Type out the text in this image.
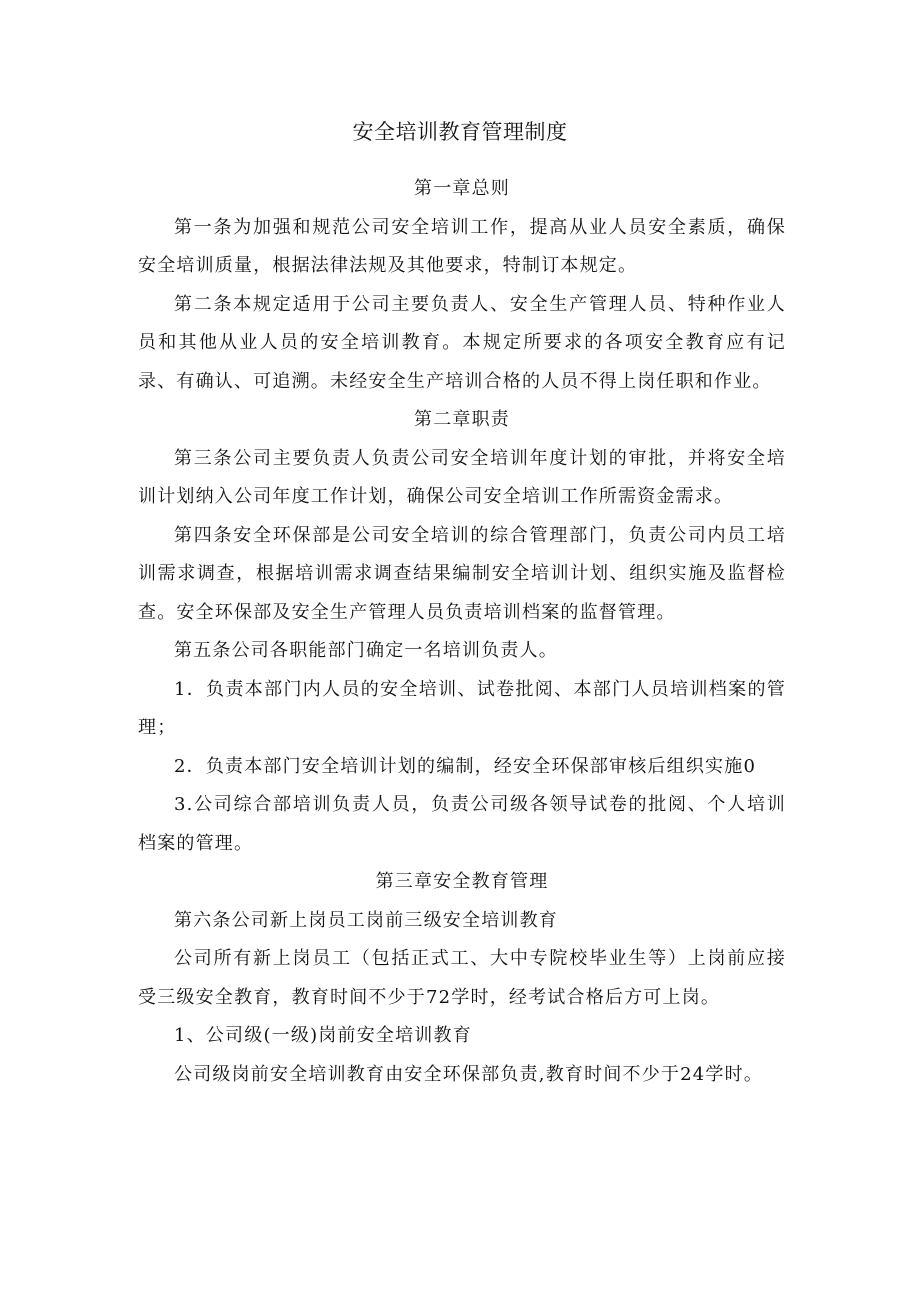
安全培训教育管理制度
第一章总则

第一条为加强和规范公司安全培训工作，提高从业人员安全素质，确保安全培训质量，根据法律法规及其他要求，特制订本规定。

第二条本规定适用于公司主要负责人、安全生产管理人员、特种作业人员和其他从业人员的安全培训教育。本规定所要求的各项安全教育应有记录、有确认、可追溯。未经安全生产培训合格的人员不得上岗任职和作业。

第二章职责

第三条公司主要负责人负责公司安全培训年度计划的审批，并将安全培训计划纳入公司年度工作计划，确保公司安全培训工作所需资金需求。

第四条安全环保部是公司安全培训的综合管理部门，负责公司内员工培训需求调查，根据培训需求调查结果编制安全培训计划、组织实施及监督检查。安全环保部及安全生产管理人员负责培训档案的监督管理。

第五条公司各职能部门确定一名培训负责人。

1．负责本部门内人员的安全培训、试卷批阅、本部门人员培训档案的管理；

2．负责本部门安全培训计划的编制，经安全环保部审核后组织实施0

3.公司综合部培训负责人员，负责公司级各领导试卷的批阅、个人培训档案的管理。

第三章安全教育管理

第六条公司新上岗员工岗前三级安全培训教育

公司所有新上岗员工（包括正式工、大中专院校毕业生等）上岗前应接受三级安全教育，教育时间不少于72学时，经考试合格后方可上岗。

1、公司级(一级)岗前安全培训教育

公司级岗前安全培训教育由安全环保部负责,教育时间不少于24学时。
